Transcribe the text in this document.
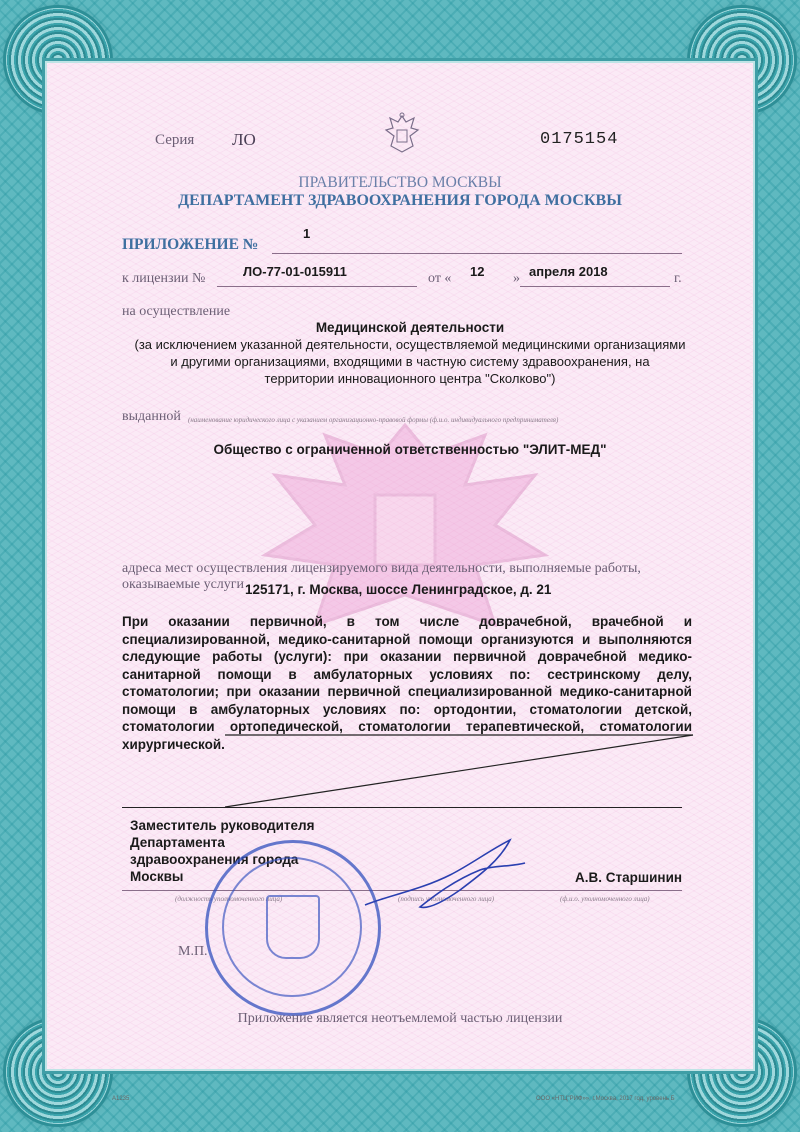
Серия ЛО	0175154
ПРАВИТЕЛЬСТВО МОСКВЫ
ДЕПАРТАМЕНТ ЗДРАВООХРАНЕНИЯ ГОРОДА МОСКВЫ
ПРИЛОЖЕНИЕ №
1
к лицензии №	ЛО-77-01-015911	от « 12 » апреля 2018	г.
на осуществление
Медицинской деятельности
(за исключением указанной деятельности, осуществляемой медицинскими организациями
и другими организациями, входящими в частную систему здравоохранения, на
территории инновационного центра "Сколково")
выданной (наименование юридического лица с указанием организационно-правовой формы (ф.и.о. индивидуального предпринимателя)
Общество с ограниченной ответственностью "ЭЛИТ-МЕД"
адреса мест осуществления лицензируемого вида деятельности, выполняемые работы,
оказываемые услуги 125171, г. Москва, шоссе Ленинградское, д. 21
При оказании первичной, в том числе доврачебной, врачебной и специализированной, медико-санитарной помощи организуются и выполняются следующие работы (услуги): при оказании первичной доврачебной медико-санитарной помощи в амбулаторных условиях по: сестринскому делу, стоматологии; при оказании первичной специализированной медико-санитарной помощи в амбулаторных условиях по: ортодонтии, стоматологии детской, стоматологии ортопедической, стоматологии терапевтической, стоматологии хирургической.
Заместитель руководителя
Департамента
здравоохранения города
Москвы	А.В. Старшинин
(должность уполномоченного лица)	(подпись уполномоченного лица)	(ф.и.о. уполномоченного лица)
М.П.
Приложение является неотъемлемой частью лицензии
А1235	ООО «НТЦ"РИФ»», г.Москва, 2017 год, уровень Б
